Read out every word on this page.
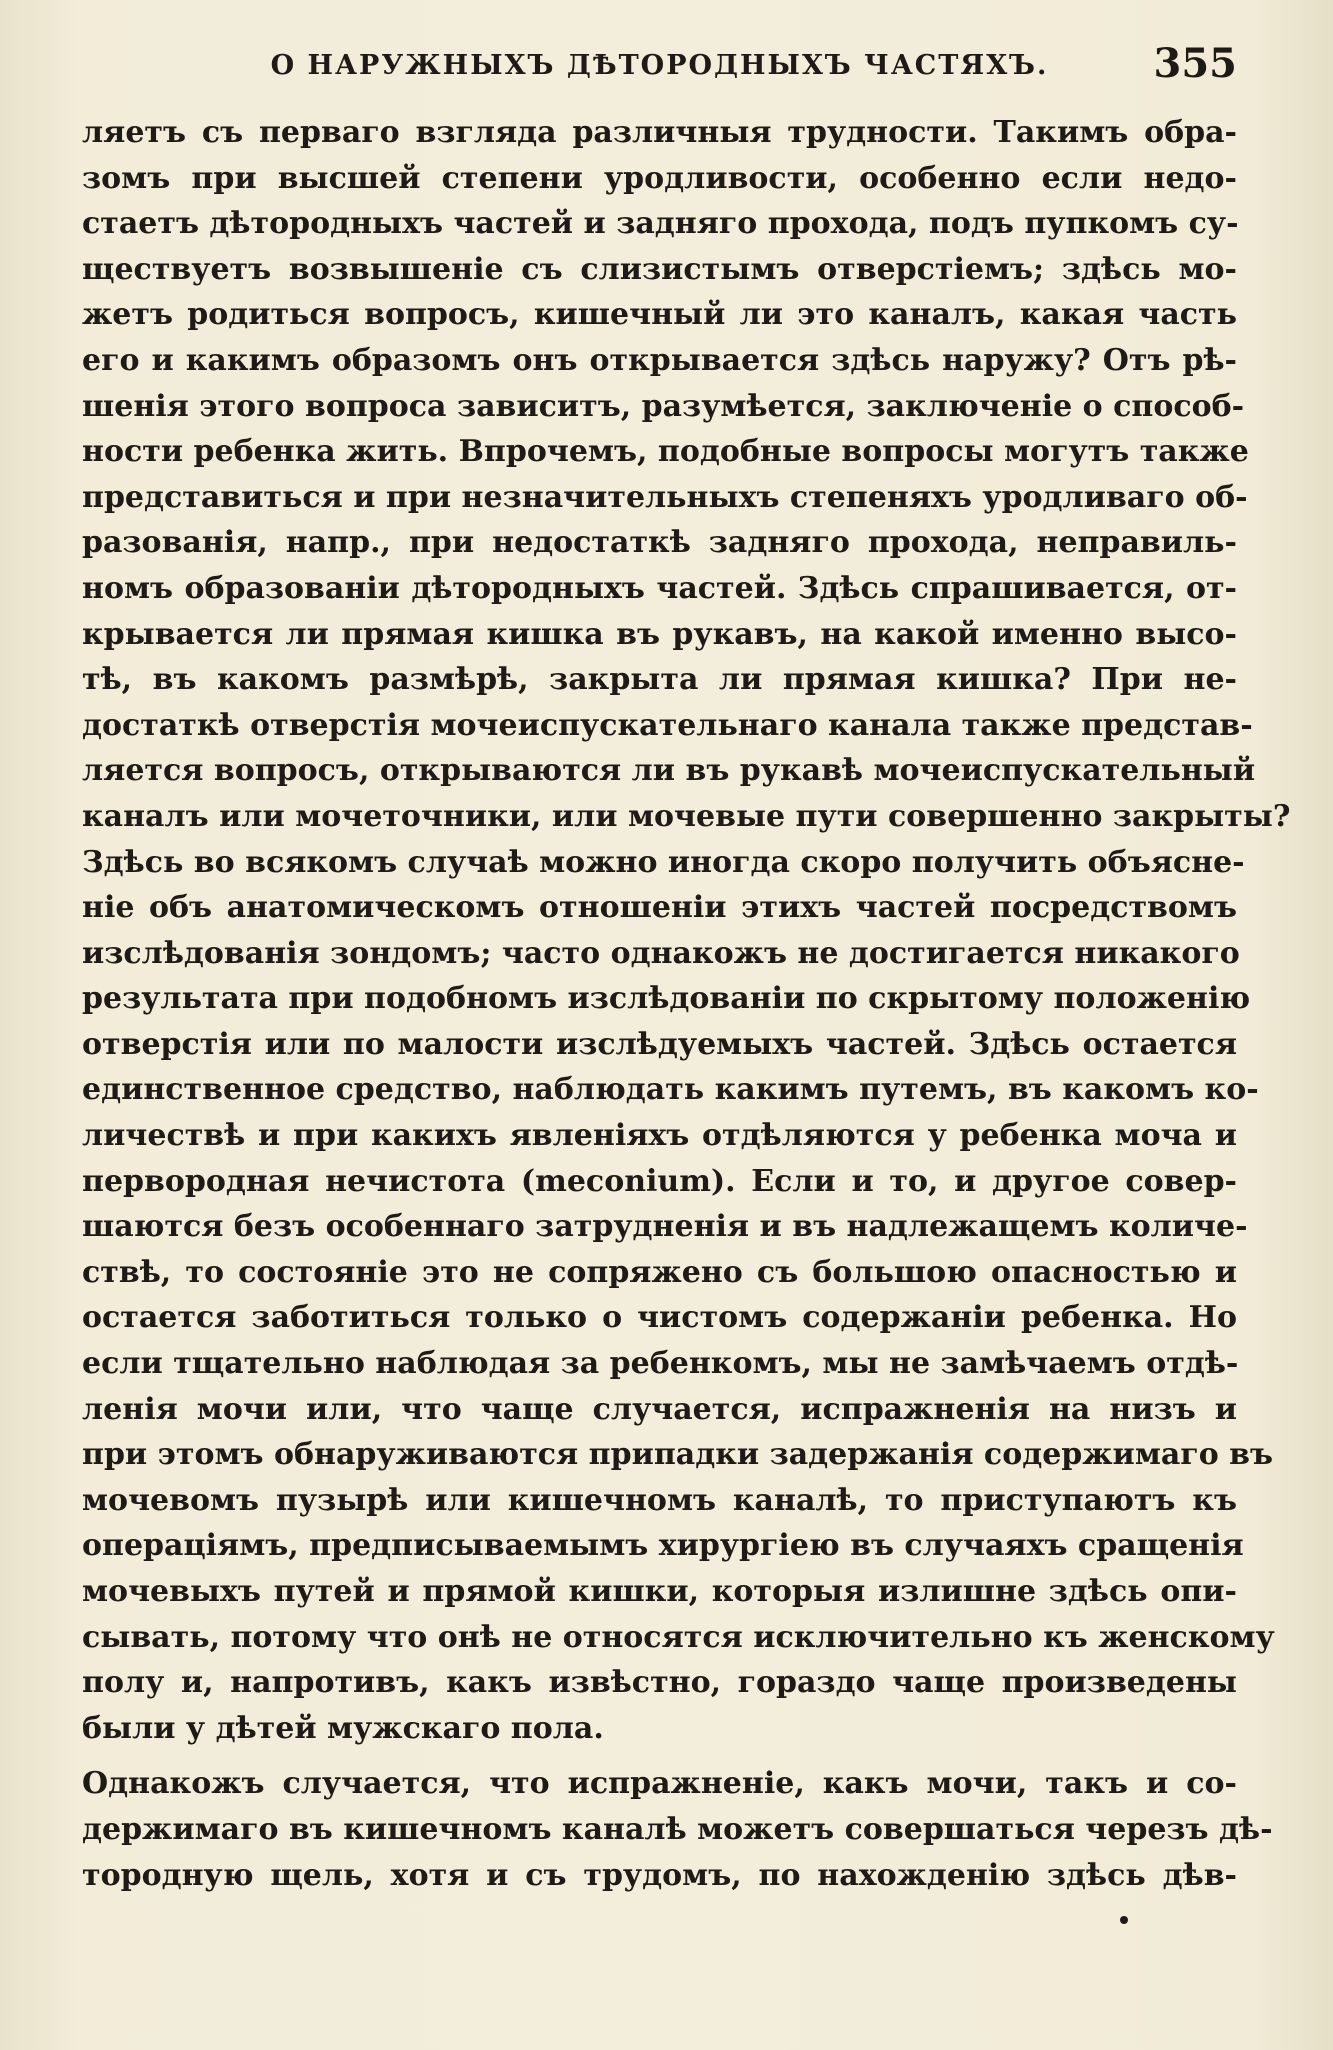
О НАРУЖНЫХЪ ДѢТОРОДНЫХЪ ЧАСТЯХЪ.	355
ляетъ съ перваго взгляда различныя трудности. Такимъ обра-
зомъ при высшей степени уродливости, особенно если недо-
стаетъ дѣтородныхъ частей и задняго прохода, подъ пупкомъ су-
ществуетъ возвышеніе съ слизистымъ отверстіемъ; здѣсь мо-
жетъ родиться вопросъ, кишечный ли это каналъ, какая часть
его и какимъ образомъ онъ открывается здѣсь наружу? Отъ рѣ-
шенія этого вопроса зависитъ, разумѣется, заключеніе о способ-
ности ребенка жить. Впрочемъ, подобные вопросы могутъ также
представиться и при незначительныхъ степеняхъ уродливаго об-
разованія, напр., при недостаткѣ задняго прохода, неправиль-
номъ образованіи дѣтородныхъ частей. Здѣсь спрашивается, от-
крывается ли прямая кишка въ рукавъ, на какой именно высо-
тѣ, въ какомъ размѣрѣ, закрыта ли прямая кишка? При не-
достаткѣ отверстія мочеиспускательнаго канала также представ-
ляется вопросъ, открываются ли въ рукавѣ мочеиспускательный
каналъ или мочеточники, или мочевые пути совершенно закрыты?
Здѣсь во всякомъ случаѣ можно иногда скоро получить объясне-
ніе объ анатомическомъ отношеніи этихъ частей посредствомъ
изслѣдованія зондомъ; часто однакожъ не достигается никакого
результата при подобномъ изслѣдованіи по скрытому положенію
отверстія или по малости изслѣдуемыхъ частей. Здѣсь остается
единственное средство, наблюдать какимъ путемъ, въ какомъ ко-
личествѣ и при какихъ явленіяхъ отдѣляются у ребенка моча и
первородная нечистота (meconium). Если и то, и другое совер-
шаются безъ особеннаго затрудненія и въ надлежащемъ количе-
ствѣ, то состояніе это не сопряжено съ большою опасностью и
остается заботиться только о чистомъ содержаніи ребенка. Но
если тщательно наблюдая за ребенкомъ, мы не замѣчаемъ отдѣ-
ленія мочи или, что чаще случается, испражненія на низъ и
при этомъ обнаруживаются припадки задержанія содержимаго въ
мочевомъ пузырѣ или кишечномъ каналѣ, то приступаютъ къ
операціямъ, предписываемымъ хирургіею въ случаяхъ сращенія
мочевыхъ путей и прямой кишки, которыя излишне здѣсь опи-
сывать, потому что онѣ не относятся исключительно къ женскому
полу и, напротивъ, какъ извѣстно, гораздо чаще произведены
были у дѣтей мужскаго пола.
Однакожъ случается, что испражненіе, какъ мочи, такъ и со-
держимаго въ кишечномъ каналѣ можетъ совершаться черезъ дѣ-
тородную щель, хотя и съ трудомъ, по нахожденію здѣсь дѣв-
